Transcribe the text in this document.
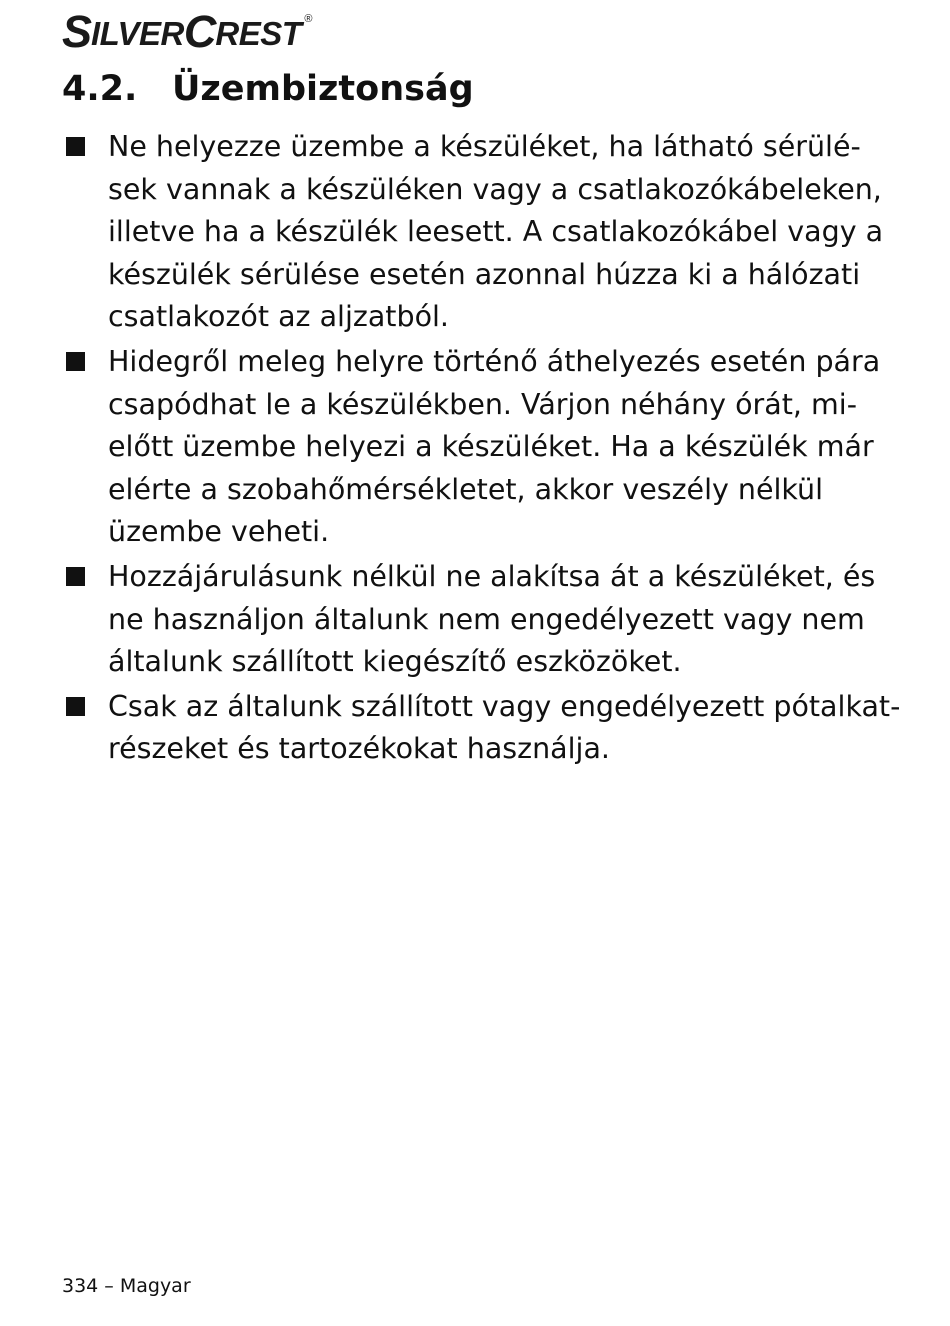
S ILVER C REST ®
4.2. Üzembiztonság
Ne helyezze üzembe a készüléket, ha látható sérülé-
sek vannak a készüléken vagy a csatlakozókábeleken,
illetve ha a készülék leesett. A csatlakozókábel vagy a
készülék sérülése esetén azonnal húzza ki a hálózati
csatlakozót az aljzatból.
Hidegről meleg helyre történő áthelyezés esetén pára
csapódhat le a készülékben. Várjon néhány órát, mi-
előtt üzembe helyezi a készüléket. Ha a készülék már
elérte a szobahőmérsékletet, akkor veszély nélkül
üzembe veheti.
Hozzájárulásunk nélkül ne alakítsa át a készüléket, és
ne használjon általunk nem engedélyezett vagy nem
általunk szállított kiegészítő eszközöket.
Csak az általunk szállított vagy engedélyezett pótalkat-
részeket és tartozékokat használja.
334 – Magyar
